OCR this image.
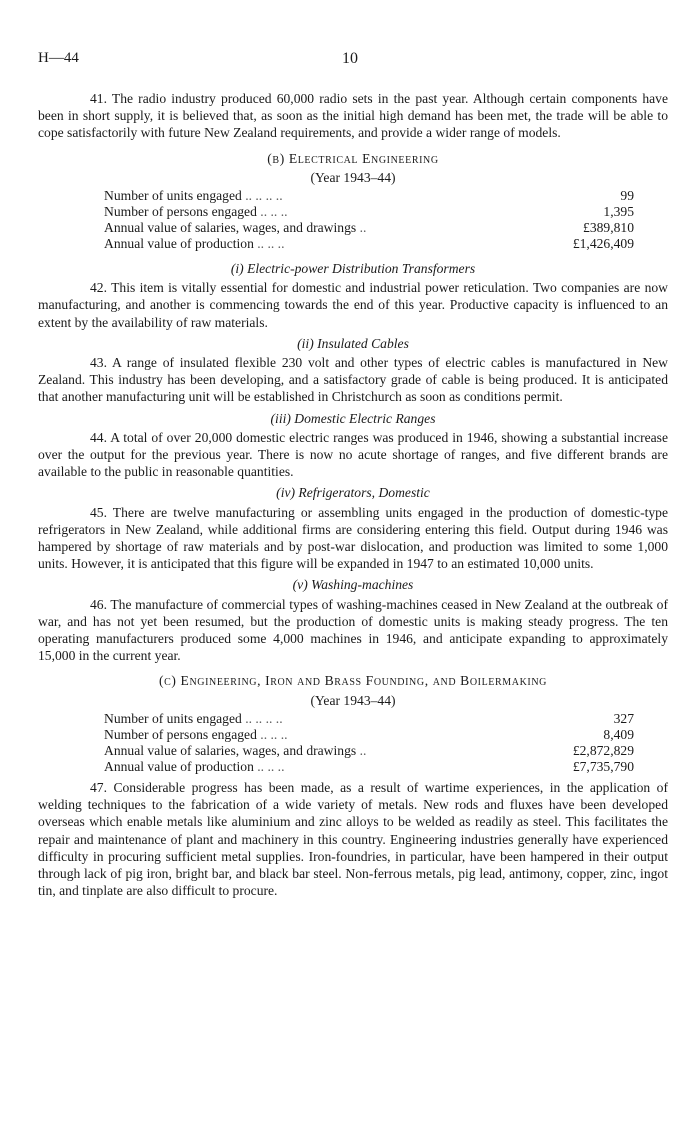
H—44	10

41. The radio industry produced 60,000 radio sets in the past year. Although certain components have been in short supply, it is believed that, as soon as the initial high demand has been met, the trade will be able to cope satisfactorily with future New Zealand requirements, and provide a wider range of models.

(b) Electrical Engineering
(Year 1943–44)
Number of units engaged .. .. .. ..	99
Number of persons engaged .. .. ..	1,395
Annual value of salaries, wages, and drawings ..	£389,810
Annual value of production .. .. ..	£1,426,409
(i) Electric-power Distribution Transformers

42. This item is vitally essential for domestic and industrial power reticulation. Two companies are now manufacturing, and another is commencing towards the end of this year. Productive capacity is influenced to an extent by the availability of raw materials.

(ii) Insulated Cables

43. A range of insulated flexible 230 volt and other types of electric cables is manufactured in New Zealand. This industry has been developing, and a satisfactory grade of cable is being produced. It is anticipated that another manufacturing unit will be established in Christchurch as soon as conditions permit.

(iii) Domestic Electric Ranges

44. A total of over 20,000 domestic electric ranges was produced in 1946, showing a substantial increase over the output for the previous year. There is now no acute shortage of ranges, and five different brands are available to the public in reasonable quantities.

(iv) Refrigerators, Domestic

45. There are twelve manufacturing or assembling units engaged in the production of domestic-type refrigerators in New Zealand, while additional firms are considering entering this field. Output during 1946 was hampered by shortage of raw materials and by post-war dislocation, and production was limited to some 1,000 units. However, it is anticipated that this figure will be expanded in 1947 to an estimated 10,000 units.

(v) Washing-machines

46. The manufacture of commercial types of washing-machines ceased in New Zealand at the outbreak of war, and has not yet been resumed, but the production of domestic units is making steady progress. The ten operating manufacturers produced some 4,000 machines in 1946, and anticipate expanding to approximately 15,000 in the current year.

(c) Engineering, Iron and Brass Founding, and Boilermaking
(Year 1943–44)
Number of units engaged .. .. .. ..	327
Number of persons engaged .. .. ..	8,409
Annual value of salaries, wages, and drawings ..	£2,872,829
Annual value of production .. .. ..	£7,735,790

47. Considerable progress has been made, as a result of wartime experiences, in the application of welding techniques to the fabrication of a wide variety of metals. New rods and fluxes have been developed overseas which enable metals like aluminium and zinc alloys to be welded as readily as steel. This facilitates the repair and maintenance of plant and machinery in this country. Engineering industries generally have experienced difficulty in procuring sufficient metal supplies. Iron-foundries, in particular, have been hampered in their output through lack of pig iron, bright bar, and black bar steel. Non-ferrous metals, pig lead, antimony, copper, zinc, ingot tin, and tinplate are also difficult to procure.
